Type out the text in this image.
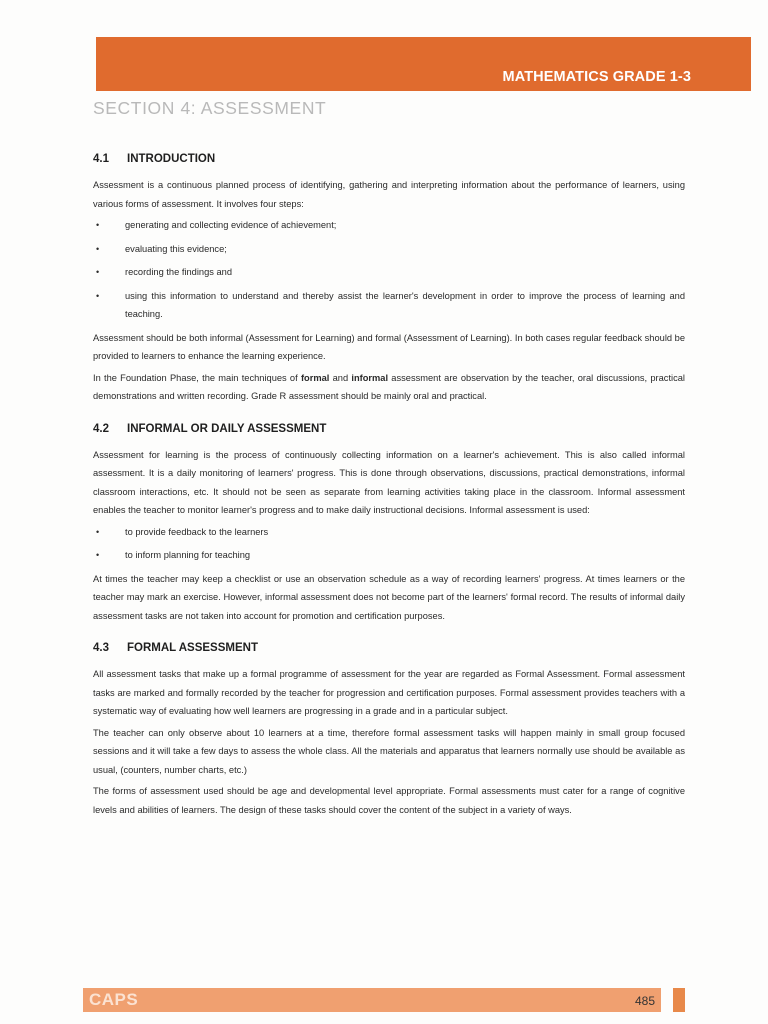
MATHEMATICS GRADE 1-3
SECTION 4: ASSESSMENT
4.1	INTRODUCTION

Assessment is a continuous planned process of identifying, gathering and interpreting information about the performance of learners, using various forms of assessment. It involves four steps:

•	generating and collecting evidence of achievement;
•	evaluating this evidence;
•	recording the findings and
•	using this information to understand and thereby assist the learner's development in order to improve the process of learning and teaching.

Assessment should be both informal (Assessment for Learning) and formal (Assessment of Learning). In both cases regular feedback should be provided to learners to enhance the learning experience.

In the Foundation Phase, the main techniques of formal and informal assessment are observation by the teacher, oral discussions, practical demonstrations and written recording. Grade R assessment should be mainly oral and practical.

4.2	INFORMAL OR DAILY ASSESSMENT

Assessment for learning is the process of continuously collecting information on a learner's achievement. This is also called informal assessment. It is a daily monitoring of learners' progress. This is done through observations, discussions, practical demonstrations, informal classroom interactions, etc. It should not be seen as separate from learning activities taking place in the classroom. Informal assessment enables the teacher to monitor learner's progress and to make daily instructional decisions. Informal assessment is used:

•	to provide feedback to the learners
•	to inform planning for teaching

At times the teacher may keep a checklist or use an observation schedule as a way of recording learners' progress. At times learners or the teacher may mark an exercise. However, informal assessment does not become part of the learners' formal record. The results of informal daily assessment tasks are not taken into account for promotion and certification purposes.

4.3	FORMAL ASSESSMENT

All assessment tasks that make up a formal programme of assessment for the year are regarded as Formal Assessment. Formal assessment tasks are marked and formally recorded by the teacher for progression and certification purposes. Formal assessment provides teachers with a systematic way of evaluating how well learners are progressing in a grade and in a particular subject.

The teacher can only observe about 10 learners at a time, therefore formal assessment tasks will happen mainly in small group focused sessions and it will take a few days to assess the whole class. All the materials and apparatus that learners normally use should be available as usual, (counters, number charts, etc.)

The forms of assessment used should be age and developmental level appropriate. Formal assessments must cater for a range of cognitive levels and abilities of learners. The design of these tasks should cover the content of the subject in a variety of ways.

CAPS	485
